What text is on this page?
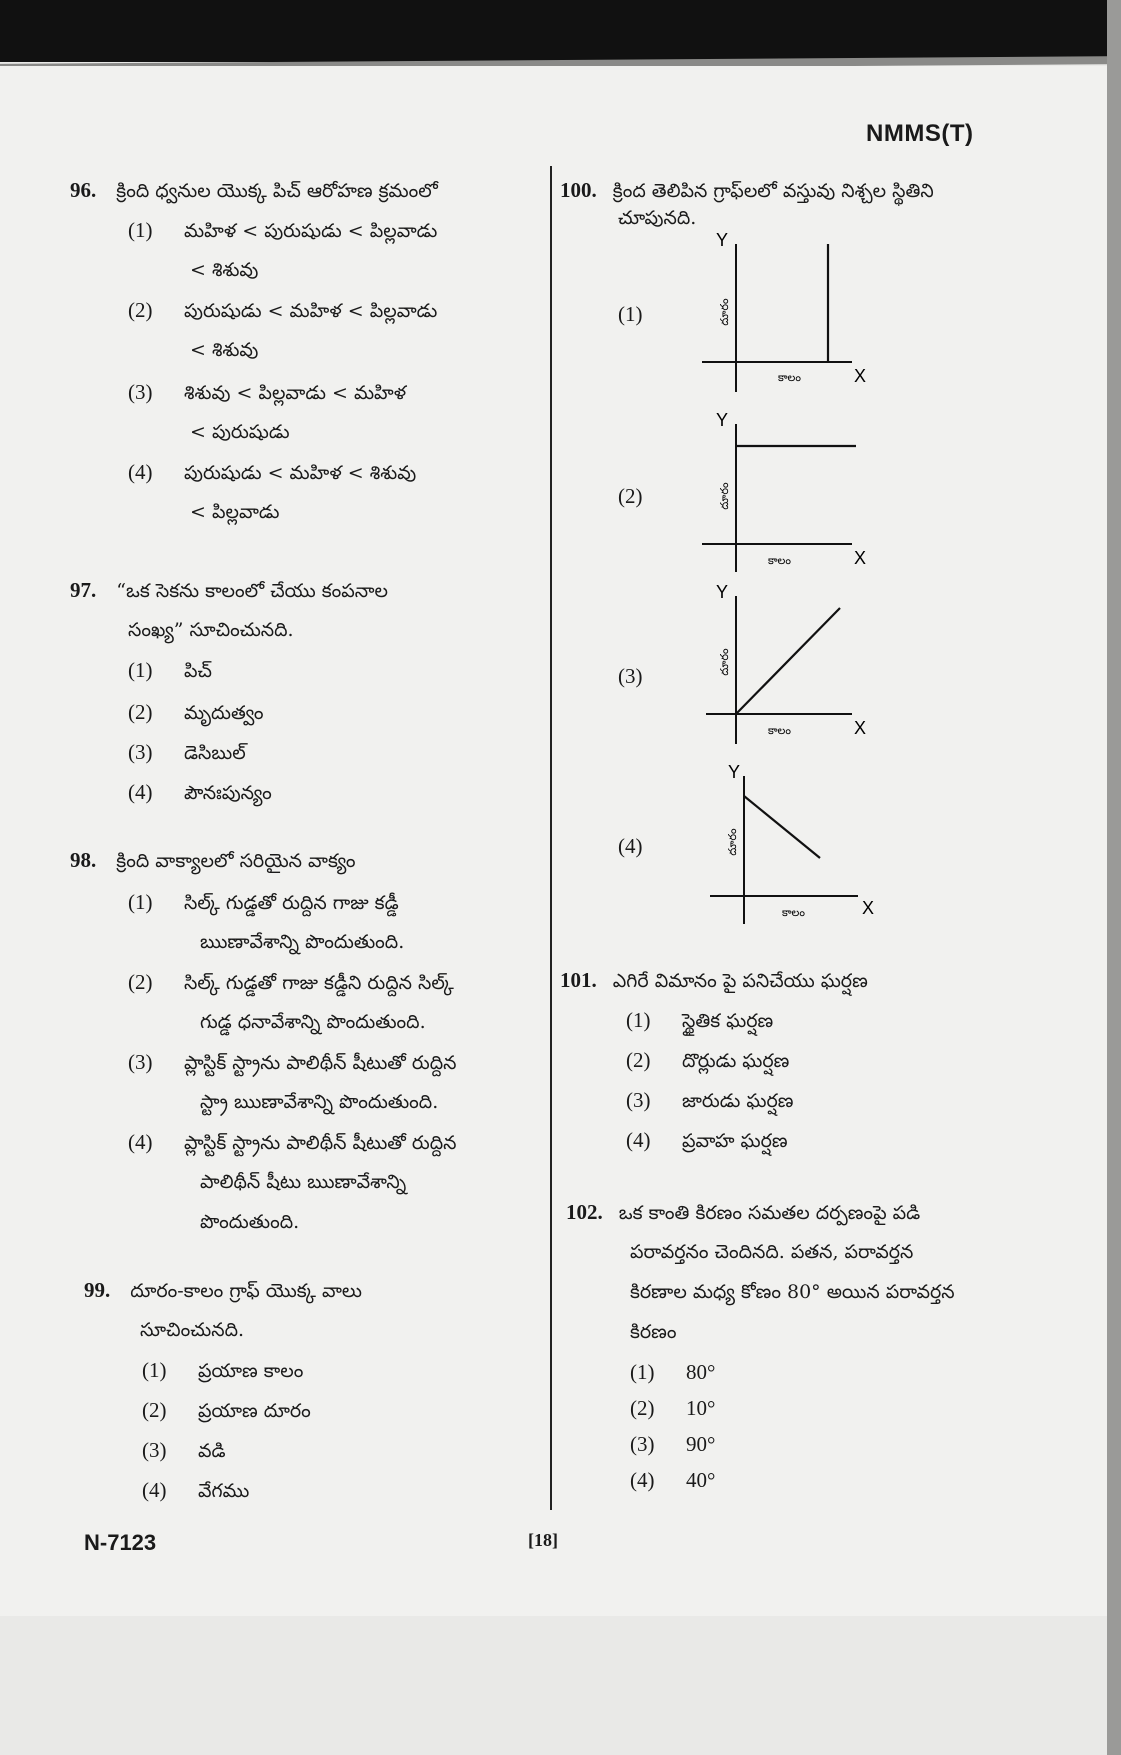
NMMS(T)
96. క్రింది ధ్వనుల యొక్క పిచ్ ఆరోహణ క్రమంలో
(1) మహిళ < పురుషుడు < పిల్లవాడు
< శిశువు
(2) పురుషుడు < మహిళ < పిల్లవాడు
< శిశువు
(3) శిశువు < పిల్లవాడు < మహిళ
< పురుషుడు
(4) పురుషుడు < మహిళ < శిశువు
< పిల్లవాడు
97. “ఒక సెకను కాలంలో చేయు కంపనాల
సంఖ్య” సూచించునది.
(1) పిచ్
(2) మృదుత్వం
(3) డెసిబుల్
(4) పౌనఃపున్యం
98. క్రింది వాక్యాలలో సరియైన వాక్యం
(1) సిల్క్ గుడ్డతో రుద్దిన గాజు కడ్డీ
ఋణావేశాన్ని పొందుతుంది.
(2) సిల్క్ గుడ్డతో గాజు కడ్డీని రుద్దిన సిల్క్
గుడ్డ ధనావేశాన్ని పొందుతుంది.
(3) ప్లాస్టిక్ స్ట్రాను పాలిథీన్ షీటుతో రుద్దిన
స్ట్రా ఋణావేశాన్ని పొందుతుంది.
(4) ప్లాస్టిక్ స్ట్రాను పాలిథీన్ షీటుతో రుద్దిన
పాలిథీన్ షీటు ఋణావేశాన్ని
పొందుతుంది.
99. దూరం-కాలం గ్రాఫ్ యొక్క వాలు
సూచించునది.
(1) ప్రయాణ కాలం
(2) ప్రయాణ దూరం
(3) వడి
(4) వేగము
100. క్రింద తెలిపిన గ్రాఫ్‌లలో వస్తువు నిశ్చల స్థితిని
చూపునది.
(1)
Y
X
దూరం
కాలం
(2)
Y
X
దూరం
కాలం
(3)
Y
X
దూరం
కాలం
(4)
Y
X
దూరం
కాలం
101. ఎగిరే విమానం పై పనిచేయు ఘర్షణ
(1) స్థైతిక ఘర్షణ
(2) దొర్లుడు ఘర్షణ
(3) జారుడు ఘర్షణ
(4) ప్రవాహ ఘర్షణ
102. ఒక కాంతి కిరణం సమతల దర్పణంపై పడి
పరావర్తనం చెందినది. పతన, పరావర్తన
కిరణాల మధ్య కోణం 80° అయిన పరావర్తన
కిరణం
(1) 80°
(2) 10°
(3) 90°
(4) 40°
N-7123	[18]
